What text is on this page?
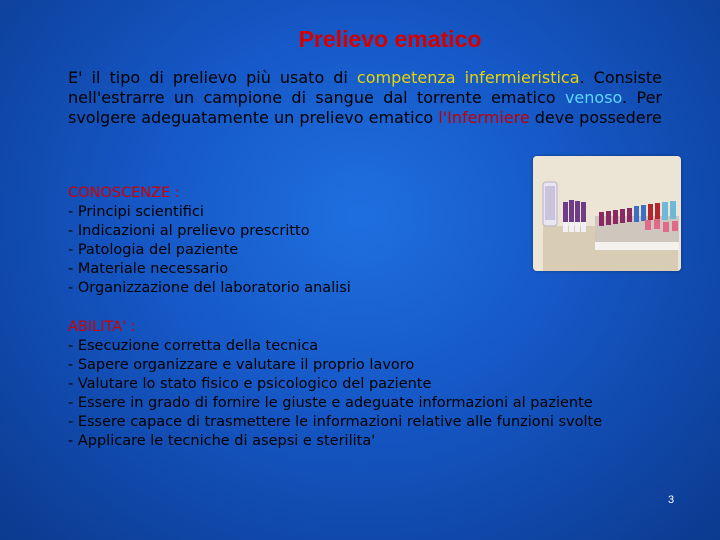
Prelievo ematico
E' il tipo di prelievo più usato di competenza infermieristica. Consiste nell'estrarre un campione di sangue dal torrente ematico venoso. Per svolgere adeguatamente un prelievo ematico l'Infermiere deve possedere
CONOSCENZE :
- Principi scientifici
- Indicazioni al prelievo prescritto
- Patologia del paziente
- Materiale necessario
- Organizzazione del laboratorio analisi
ABILITA' :
- Esecuzione corretta della tecnica
- Sapere organizzare e valutare il proprio lavoro
- Valutare lo stato fisico e psicologico del paziente
- Essere in grado di fornire le giuste e adeguate informazioni al paziente
- Essere capace di trasmettere le informazioni relative alle funzioni svolte
- Applicare le tecniche di asepsi e sterilita'
3
